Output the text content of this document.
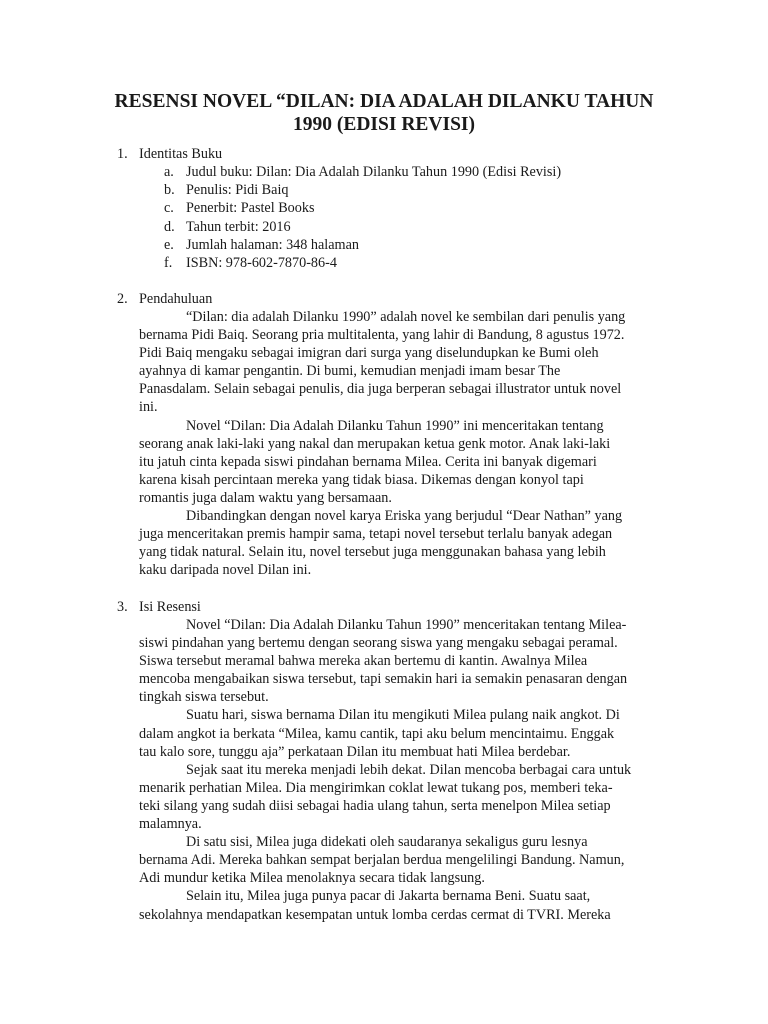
RESENSI NOVEL “DILAN: DIA ADALAH DILANKU TAHUN
1990 (EDISI REVISI)
1. Identitas Buku
a. Judul buku: Dilan: Dia Adalah Dilanku Tahun 1990 (Edisi Revisi)
b. Penulis: Pidi Baiq
c. Penerbit: Pastel Books
d. Tahun terbit: 2016
e. Jumlah halaman: 348 halaman
f. ISBN: 978-602-7870-86-4
2. Pendahuluan
“Dilan: dia adalah Dilanku 1990” adalah novel ke sembilan dari penulis yang
bernama Pidi Baiq. Seorang pria multitalenta, yang lahir di Bandung, 8 agustus 1972.
Pidi Baiq mengaku sebagai imigran dari surga yang diselundupkan ke Bumi oleh
ayahnya di kamar pengantin. Di bumi, kemudian menjadi imam besar The
Panasdalam. Selain sebagai penulis, dia juga berperan sebagai illustrator untuk novel
ini.
Novel “Dilan: Dia Adalah Dilanku Tahun 1990” ini menceritakan tentang
seorang anak laki-laki yang nakal dan merupakan ketua genk motor. Anak laki-laki
itu jatuh cinta kepada siswi pindahan bernama Milea. Cerita ini banyak digemari
karena kisah percintaan mereka yang tidak biasa. Dikemas dengan konyol tapi
romantis juga dalam waktu yang bersamaan.
Dibandingkan dengan novel karya Eriska yang berjudul “Dear Nathan” yang
juga menceritakan premis hampir sama, tetapi novel tersebut terlalu banyak adegan
yang tidak natural. Selain itu, novel tersebut juga menggunakan bahasa yang lebih
kaku daripada novel Dilan ini.
3. Isi Resensi
Novel “Dilan: Dia Adalah Dilanku Tahun 1990” menceritakan tentang Milea-
siswi pindahan yang bertemu dengan seorang siswa yang mengaku sebagai peramal.
Siswa tersebut meramal bahwa mereka akan bertemu di kantin. Awalnya Milea
mencoba mengabaikan siswa tersebut, tapi semakin hari ia semakin penasaran dengan
tingkah siswa tersebut.
Suatu hari, siswa bernama Dilan itu mengikuti Milea pulang naik angkot. Di
dalam angkot ia berkata “Milea, kamu cantik, tapi aku belum mencintaimu. Enggak
tau kalo sore, tunggu aja” perkataan Dilan itu membuat hati Milea berdebar.
Sejak saat itu mereka menjadi lebih dekat. Dilan mencoba berbagai cara untuk
menarik perhatian Milea. Dia mengirimkan coklat lewat tukang pos, memberi teka-
teki silang yang sudah diisi sebagai hadia ulang tahun, serta menelpon Milea setiap
malamnya.
Di satu sisi, Milea juga didekati oleh saudaranya sekaligus guru lesnya
bernama Adi. Mereka bahkan sempat berjalan berdua mengelilingi Bandung. Namun,
Adi mundur ketika Milea menolaknya secara tidak langsung.
Selain itu, Milea juga punya pacar di Jakarta bernama Beni. Suatu saat,
sekolahnya mendapatkan kesempatan untuk lomba cerdas cermat di TVRI. Mereka
